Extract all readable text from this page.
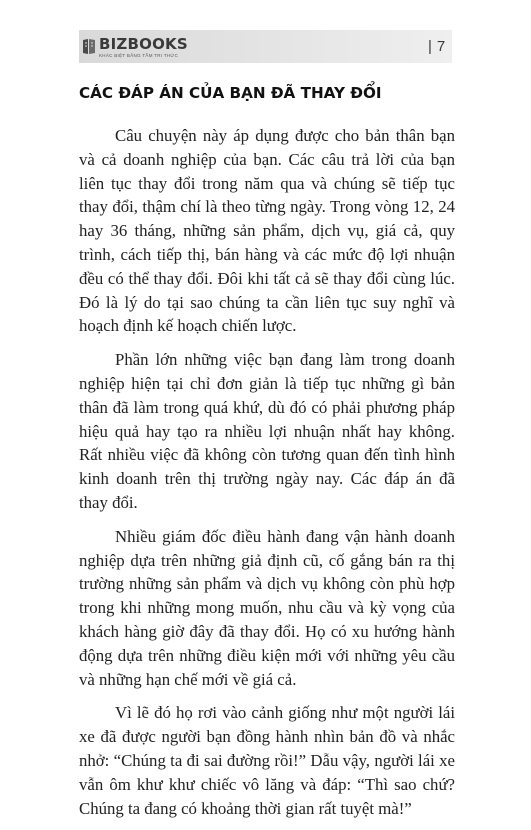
BIZBOOKS
KHÁC BIỆT BẰNG TẦM TRI THỨC
| 7
CÁC ĐÁP ÁN CỦA BẠN ĐÃ THAY ĐỔI

Câu chuyện này áp dụng được cho bản thân bạn và cả doanh nghiệp của bạn. Các câu trả lời của bạn liên tục thay đổi trong năm qua và chúng sẽ tiếp tục thay đổi, thậm chí là theo từng ngày. Trong vòng 12, 24 hay 36 tháng, những sản phẩm, dịch vụ, giá cả, quy trình, cách tiếp thị, bán hàng và các mức độ lợi nhuận đều có thể thay đổi. Đôi khi tất cả sẽ thay đổi cùng lúc. Đó là lý do tại sao chúng ta cần liên tục suy nghĩ và hoạch định kế hoạch chiến lược.

Phần lớn những việc bạn đang làm trong doanh nghiệp hiện tại chỉ đơn giản là tiếp tục những gì bản thân đã làm trong quá khứ, dù đó có phải phương pháp hiệu quả hay tạo ra nhiều lợi nhuận nhất hay không. Rất nhiều việc đã không còn tương quan đến tình hình kinh doanh trên thị trường ngày nay. Các đáp án đã thay đổi.

Nhiều giám đốc điều hành đang vận hành doanh nghiệp dựa trên những giả định cũ, cố gắng bán ra thị trường những sản phẩm và dịch vụ không còn phù hợp trong khi những mong muốn, nhu cầu và kỳ vọng của khách hàng giờ đây đã thay đổi. Họ có xu hướng hành động dựa trên những điều kiện mới với những yêu cầu và những hạn chế mới về giá cả.

Vì lẽ đó họ rơi vào cảnh giống như một người lái xe đã được người bạn đồng hành nhìn bản đồ và nhắc nhở: “Chúng ta đi sai đường rồi!” Dẫu vậy, người lái xe vẫn ôm khư khư chiếc vô lăng và đáp: “Thì sao chứ? Chúng ta đang có khoảng thời gian rất tuyệt mà!”
